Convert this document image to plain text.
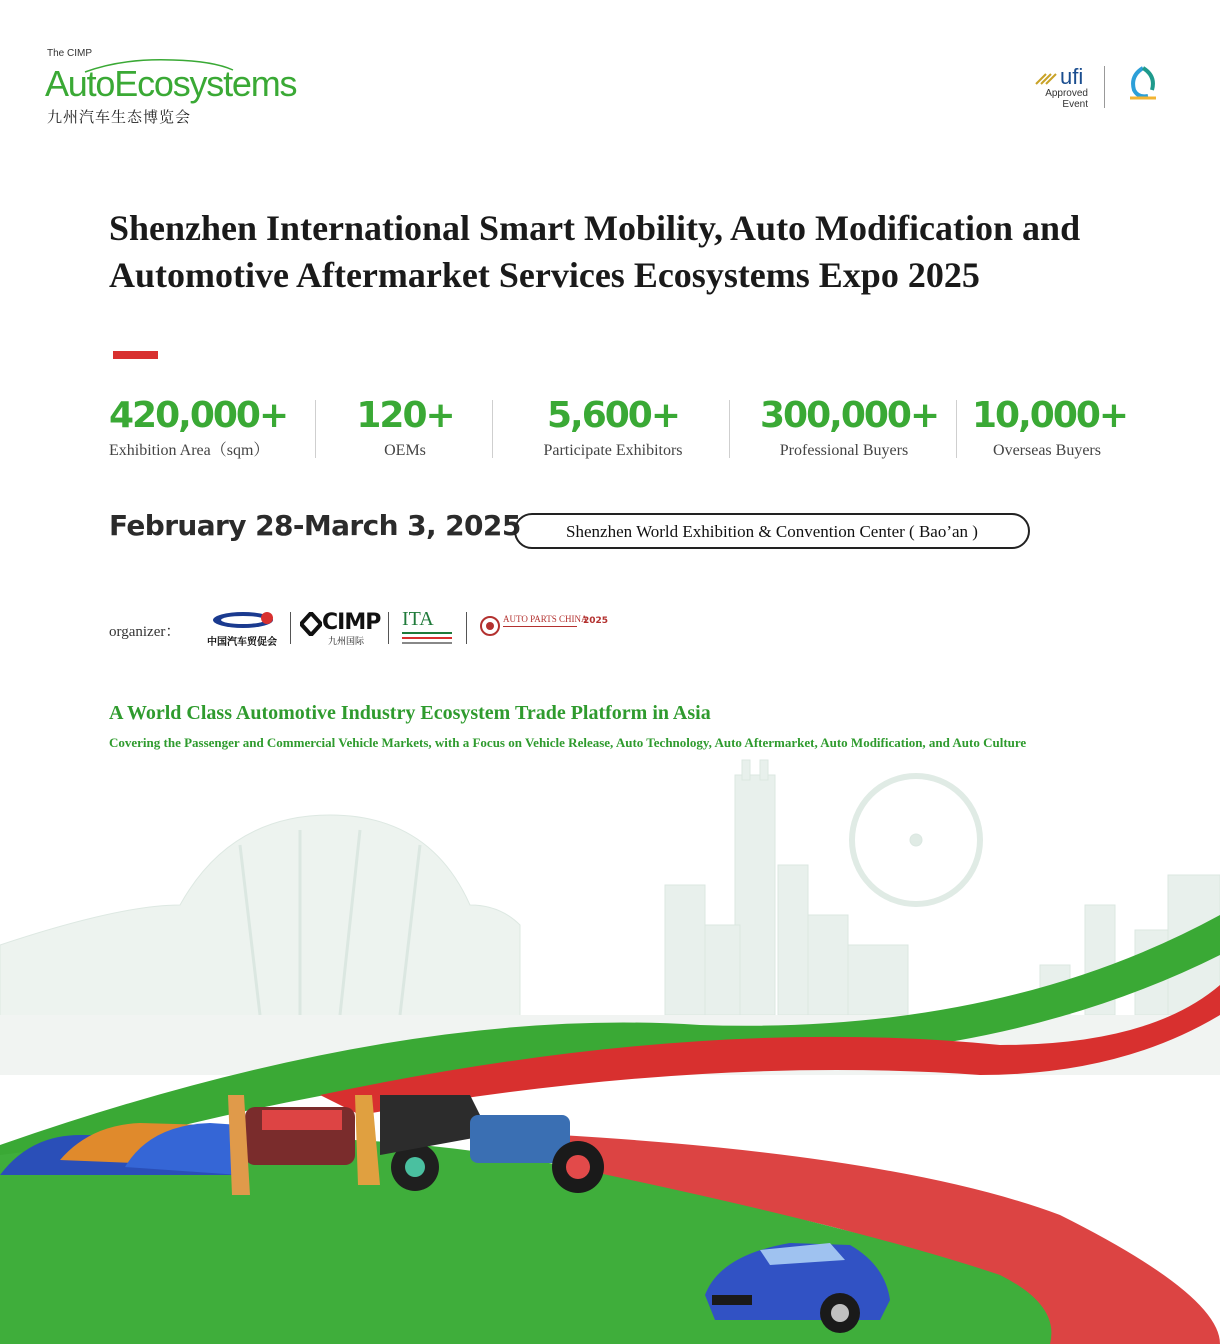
The CIMP
AutoEcosystems
九州汽车生态博览会
ufi
Approved
Event
Shenzhen International Smart Mobility, Auto Modification and
Automotive Aftermarket Services Ecosystems Expo 2025
420,000+
Exhibition Area（sqm）
120+
OEMs
5,600+
Participate Exhibitors
300,000+
Professional Buyers
10,000+
Overseas Buyers
February 28-March 3, 2025	Shenzhen World Exhibition & Convention Center ( Bao’an )
organizer：
中国汽车贸促会
CIMP
九州国际
ITA	AUTO PARTS CHINA
2025
A World Class Automotive Industry Ecosystem Trade Platform in Asia
Covering the Passenger and Commercial Vehicle Markets, with a Focus on Vehicle Release, Auto Technology, Auto Aftermarket, Auto Modification, and Auto Culture
